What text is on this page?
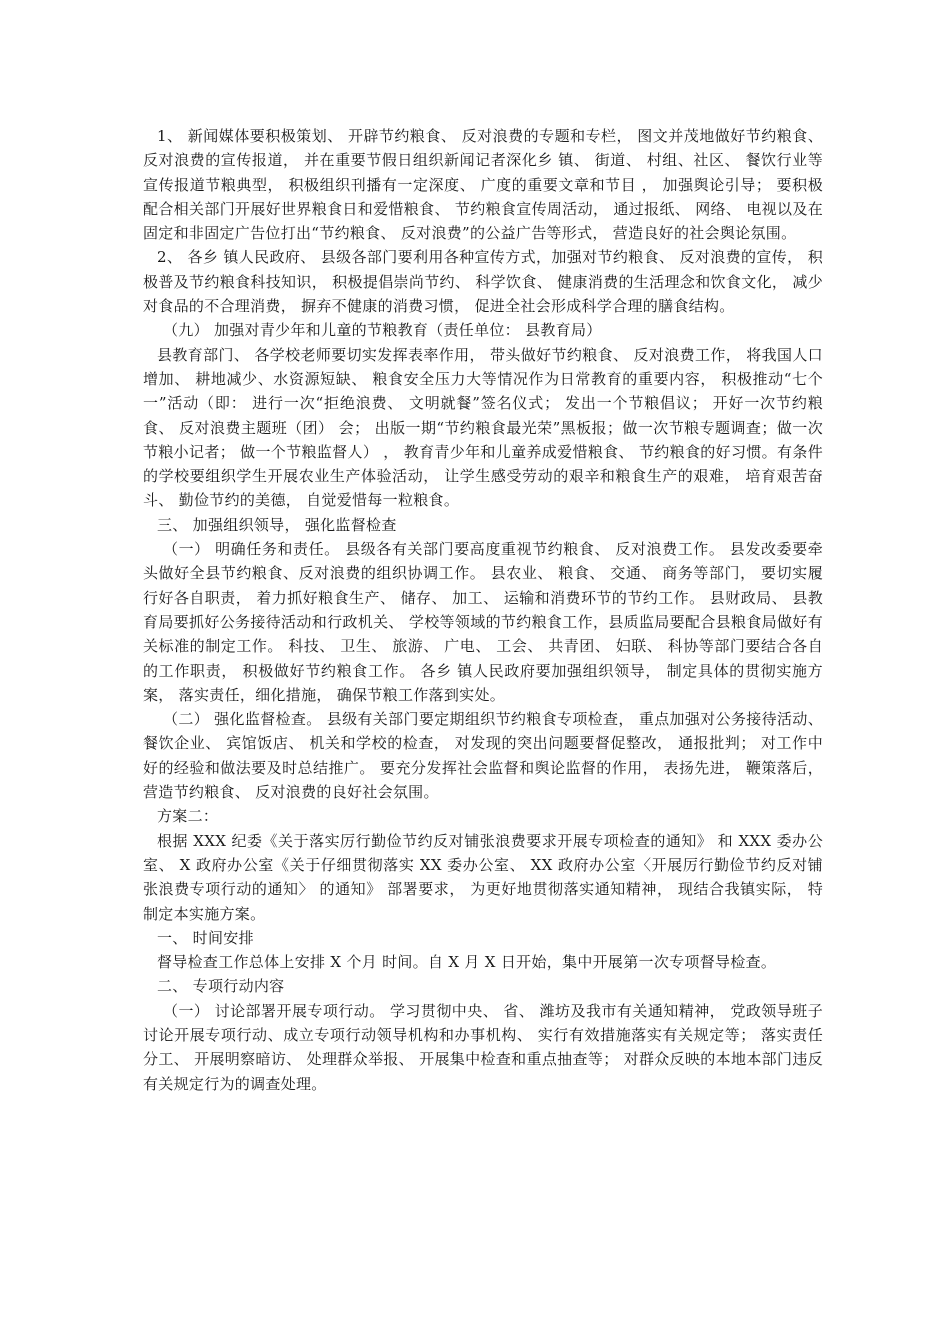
1、 新闻媒体要积极策划、 开辟节约粮食、 反对浪费的专题和专栏， 图文并茂地做好节约粮食、 反对浪费的宣传报道， 并在重要节假日组织新闻记者深化乡 镇、 街道、 村组、社区、 餐饮行业等宣传报道节粮典型， 积极组织刊播有一定深度、 广度的重要文章和节目 ， 加强舆论引导； 要积极配合相关部门开展好世界粮食日和爱惜粮食、 节约粮食宣传周活动， 通过报纸、 网络、 电视以及在固定和非固定广告位打出“节约粮食、 反对浪费”的公益广告等形式， 营造良好的社会舆论氛围。

2、 各乡 镇人民政府、 县级各部门要利用各种宣传方式，加强对节约粮食、 反对浪费的宣传， 积极普及节约粮食科技知识， 积极提倡崇尚节约、 科学饮食、 健康消费的生活理念和饮食文化， 减少对食品的不合理消费， 摒弃不健康的消费习惯， 促进全社会形成科学合理的膳食结构。

（九） 加强对青少年和儿童的节粮教育（责任单位： 县教育局）

县教育部门、 各学校老师要切实发挥表率作用， 带头做好节约粮食、 反对浪费工作， 将我国人口 增加、 耕地减少、水资源短缺、 粮食安全压力大等情况作为日常教育的重要内容， 积极推动“七个一”活动（即： 进行一次“拒绝浪费、 文明就餐”签名仪式； 发出一个节粮倡议； 开好一次节约粮食、 反对浪费主题班（团） 会； 出版一期“节约粮食最光荣”黑板报；做一次节粮专题调查；做一次节粮小记者； 做一个节粮监督人） ， 教育青少年和儿童养成爱惜粮食、 节约粮食的好习惯。有条件的学校要组织学生开展农业生产体验活动， 让学生感受劳动的艰辛和粮食生产的艰难， 培育艰苦奋斗、 勤俭节约的美德， 自觉爱惜每一粒粮食。

三、 加强组织领导， 强化监督检查

（一） 明确任务和责任。 县级各有关部门要高度重视节约粮食、 反对浪费工作。 县发改委要牵头做好全县节约粮食、反对浪费的组织协调工作。 县农业、 粮食、 交通、 商务等部门， 要切实履行好各自职责， 着力抓好粮食生产、 储存、 加工、 运输和消费环节的节约工作。 县财政局、 县教育局要抓好公务接待活动和行政机关、 学校等领域的节约粮食工作，县质监局要配合县粮食局做好有关标准的制定工作。 科技、 卫生、 旅游、 广电、 工会、 共青团、 妇联、 科协等部门要结合各自的工作职责， 积极做好节约粮食工作。 各乡 镇人民政府要加强组织领导， 制定具体的贯彻实施方案， 落实责任，细化措施， 确保节粮工作落到实处。

（二） 强化监督检查。 县级有关部门要定期组织节约粮食专项检查， 重点加强对公务接待活动、 餐饮企业、 宾馆饭店、 机关和学校的检查， 对发现的突出问题要督促整改， 通报批判； 对工作中好的经验和做法要及时总结推广。 要充分发挥社会监督和舆论监督的作用， 表扬先进， 鞭策落后， 营造节约粮食、 反对浪费的良好社会氛围。

方案二：

根据 XXX 纪委《关于落实厉行勤俭节约反对铺张浪费要求开展专项检查的通知》 和 XXX 委办公室、 X 政府办公室《关于仔细贯彻落实 XX 委办公室、 XX 政府办公室〈开展厉行勤俭节约反对铺张浪费专项行动的通知〉 的通知》 部署要求， 为更好地贯彻落实通知精神， 现结合我镇实际， 特制定本实施方案。

一、 时间安排

督导检查工作总体上安排 X 个月 时间。自 X 月 X 日开始，集中开展第一次专项督导检查。

二、 专项行动内容

（一） 讨论部署开展专项行动。 学习贯彻中央、 省、 潍坊及我市有关通知精神， 党政领导班子讨论开展专项行动、成立专项行动领导机构和办事机构、 实行有效措施落实有关规定等； 落实责任分工、 开展明察暗访、 处理群众举报、 开展集中检查和重点抽查等； 对群众反映的本地本部门违反有关规定行为的调查处理。
